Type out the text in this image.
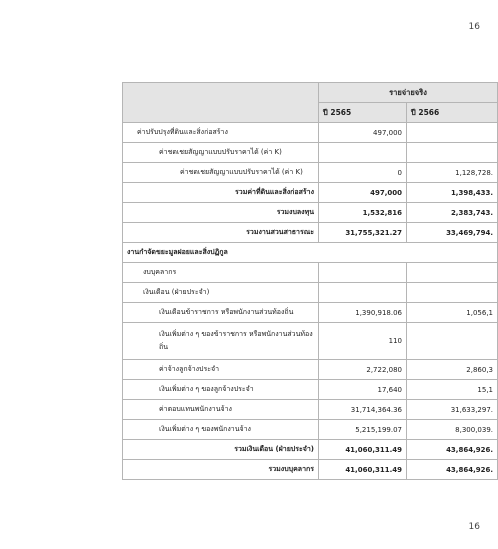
16
	รายจ่ายจริง	
	ปี 2565	ปี 2566
ค่าปรับปรุงที่ดินและสิ่งก่อสร้าง	497,000	
ค่าชดเชยสัญญาแบบปรับราคาได้ (ค่า K)		
ค่าชดเชยสัญญาแบบปรับราคาได้ (ค่า K)	0	1,128,728.
รวมค่าที่ดินและสิ่งก่อสร้าง	497,000	1,398,433.
รวมงบลงทุน	1,532,816	2,383,743.
รวมงานสวนสาธารณะ	31,755,321.27	33,469,794.
งานกำจัดขยะมูลฝอยและสิ่งปฏิกูล		
งบบุคลากร		
เงินเดือน (ฝ่ายประจำ)		
เงินเดือนข้าราชการ หรือพนักงานส่วนท้องถิ่น	1,390,918.06	1,056,1
เงินเพิ่มต่าง ๆ ของข้าราชการ หรือพนักงานส่วนท้องถิ่น	110	
ค่าจ้างลูกจ้างประจำ	2,722,080	2,860,3
เงินเพิ่มต่าง ๆ ของลูกจ้างประจำ	17,640	15,1
ค่าตอบแทนพนักงานจ้าง	31,714,364.36	31,633,297.
เงินเพิ่มต่าง ๆ ของพนักงานจ้าง	5,215,199.07	8,300,039.
รวมเงินเดือน (ฝ่ายประจำ)	41,060,311.49	43,864,926.
รวมงบบุคลากร	41,060,311.49	43,864,926.
16
